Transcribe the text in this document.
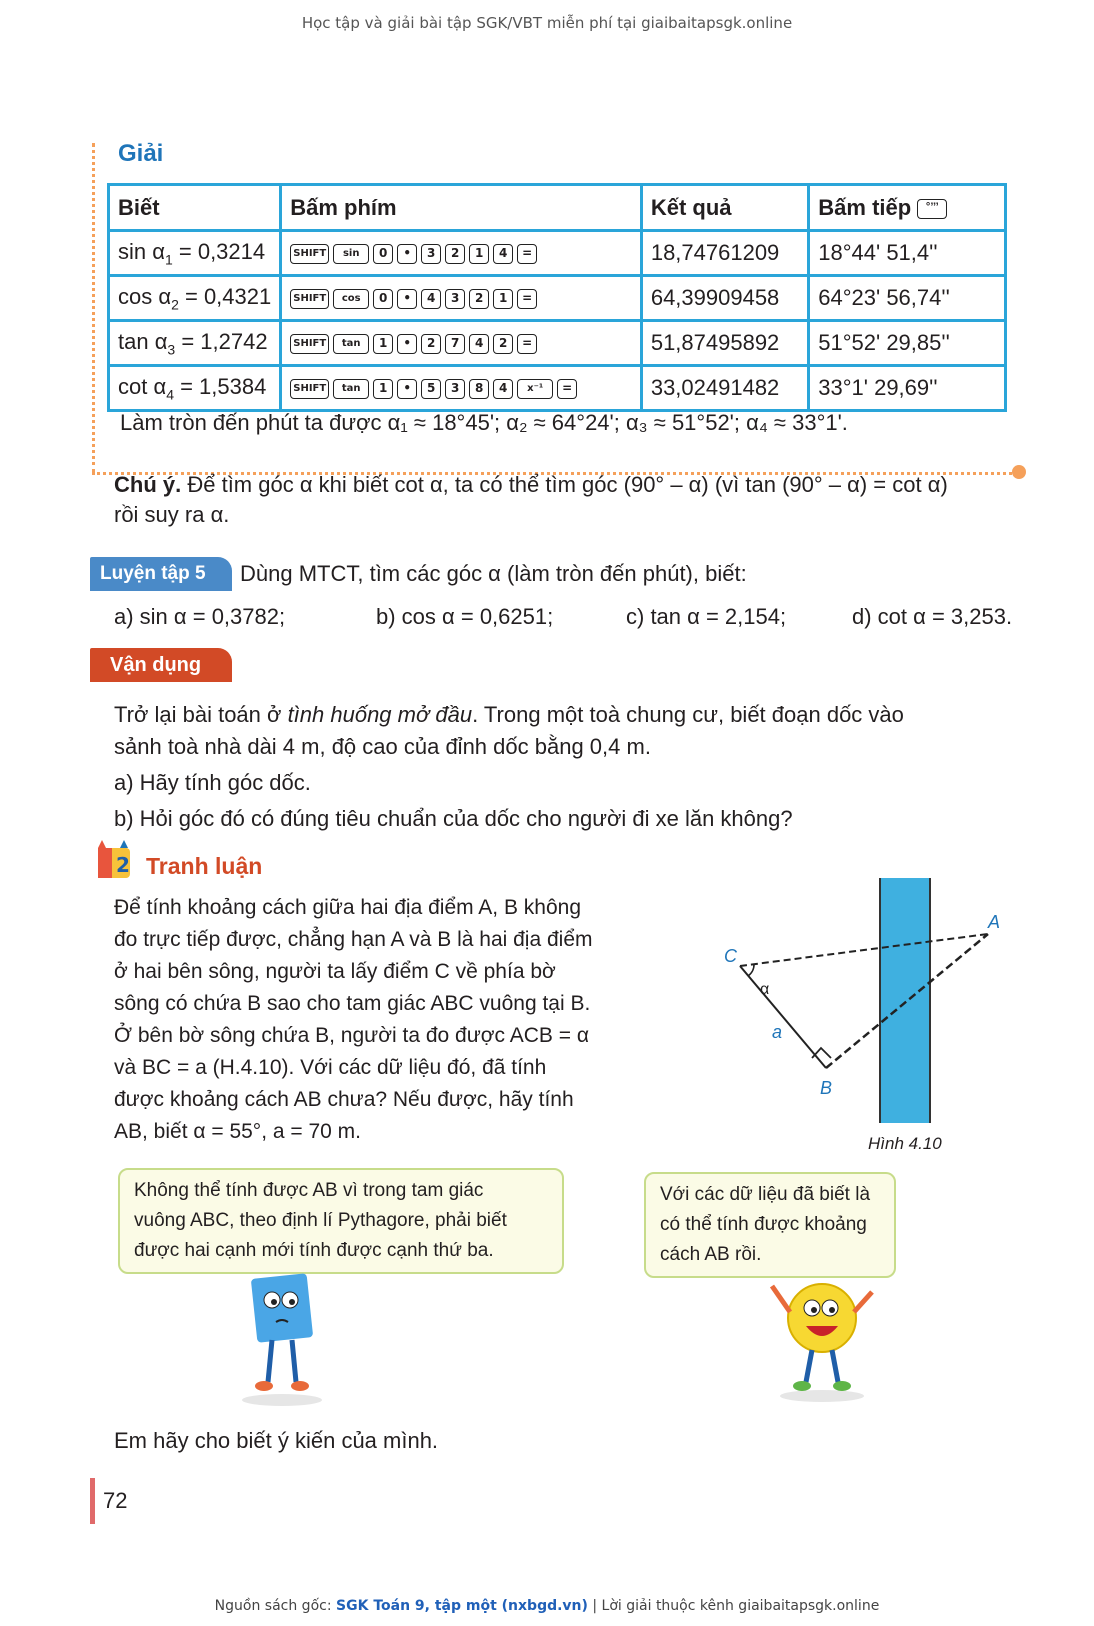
Học tập và giải bài tập SGK/VBT miễn phí tại giaibaitapsgk.online
Giải
Biết	Bấm phím	Kết quả	Bấm tiếp °’’’
$\sin \alpha_1 = 0,3214$	SHIFT sin 0 • 3 2 1 4 =	18,74761209	18°44' 51,4''
$\cos \alpha_2 = 0,4321$	SHIFT cos 0 • 4 3 2 1 =	64,39909458	64°23' 56,74''
$\tan \alpha_3 = 1,2742$	SHIFT tan 1 • 2 7 4 2 =	51,87495892	51°52' 29,85''
$\cot \alpha_4 = 1,5384$	SHIFT tan 1 • 5 3 8 4 x⁻¹ =	33,02491482	33°1' 29,69''
Làm tròn đến phút ta được α₁ ≈ 18°45'; α₂ ≈ 64°24'; α₃ ≈ 51°52'; α₄ ≈ 33°1'.
Chú ý. Để tìm góc α khi biết cot α, ta có thể tìm góc (90° – α) (vì tan (90° – α) = cot α)
rồi suy ra α.
Luyện tập 5	Dùng MTCT, tìm các góc α (làm tròn đến phút), biết:
a) sin α = 0,3782;	b) cos α = 0,6251;	c) tan α = 2,154;	d) cot α = 3,253.
Vận dụng
Trở lại bài toán ở tình huống mở đầu. Trong một toà chung cư, biết đoạn dốc vào
sảnh toà nhà dài 4 m, độ cao của đỉnh dốc bằng 0,4 m.
a) Hãy tính góc dốc.
b) Hỏi góc đó có đúng tiêu chuẩn của dốc cho người đi xe lăn không?
2 Tranh luận
Để tính khoảng cách giữa hai địa điểm A, B không
đo trực tiếp được, chẳng hạn A và B là hai địa điểm
ở hai bên sông, người ta lấy điểm C về phía bờ
sông có chứa B sao cho tam giác ABC vuông tại B.
Ở bên bờ sông chứa B, người ta đo được ACB = α
và BC = a (H.4.10). Với các dữ liệu đó, đã tính
được khoảng cách AB chưa? Nếu được, hãy tính
AB, biết α = 55°, a = 70 m.
A
B
C
a
α
Hình 4.10
Không thể tính được AB vì trong tam giác
vuông ABC, theo định lí Pythagore, phải biết
được hai cạnh mới tính được cạnh thứ ba.
Với các dữ liệu đã biết là
có thể tính được khoảng
cách AB rồi.
Em hãy cho biết ý kiến của mình.
72
Nguồn sách gốc: SGK Toán 9, tập một (nxbgd.vn) | Lời giải thuộc kênh giaibaitapsgk.online
